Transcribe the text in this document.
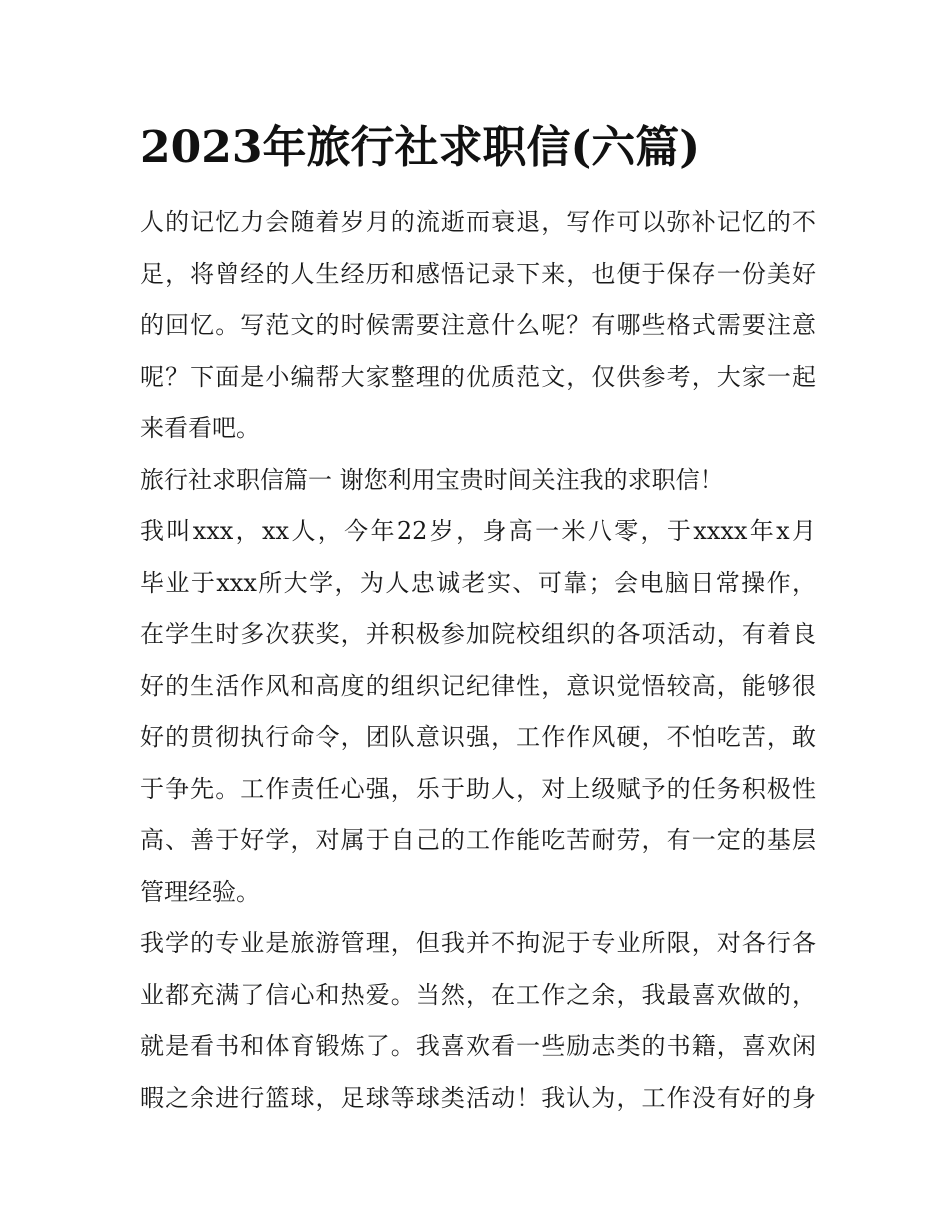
2023年旅行社求职信(六篇)
人的记忆力会随着岁月的流逝而衰退，写作可以弥补记忆的不
足，将曾经的人生经历和感悟记录下来，也便于保存一份美好
的回忆。写范文的时候需要注意什么呢？有哪些格式需要注意
呢？下面是小编帮大家整理的优质范文，仅供参考，大家一起
来看看吧。
旅行社求职信篇一 谢您利用宝贵时间关注我的求职信！
我叫xxx，xx人，今年22岁，身高一米八零，于xxxx年x月
毕业于xxx所大学，为人忠诚老实、可靠；会电脑日常操作，
在学生时多次获奖，并积极参加院校组织的各项活动，有着良
好的生活作风和高度的组织记纪律性，意识觉悟较高，能够很
好的贯彻执行命令，团队意识强，工作作风硬，不怕吃苦，敢
于争先。工作责任心强，乐于助人，对上级赋予的任务积极性
高、善于好学，对属于自己的工作能吃苦耐劳，有一定的基层
管理经验。
我学的专业是旅游管理，但我并不拘泥于专业所限，对各行各
业都充满了信心和热爱。当然，在工作之余，我最喜欢做的，
就是看书和体育锻炼了。我喜欢看一些励志类的书籍，喜欢闲
暇之余进行篮球，足球等球类活动！我认为，工作没有好的身
